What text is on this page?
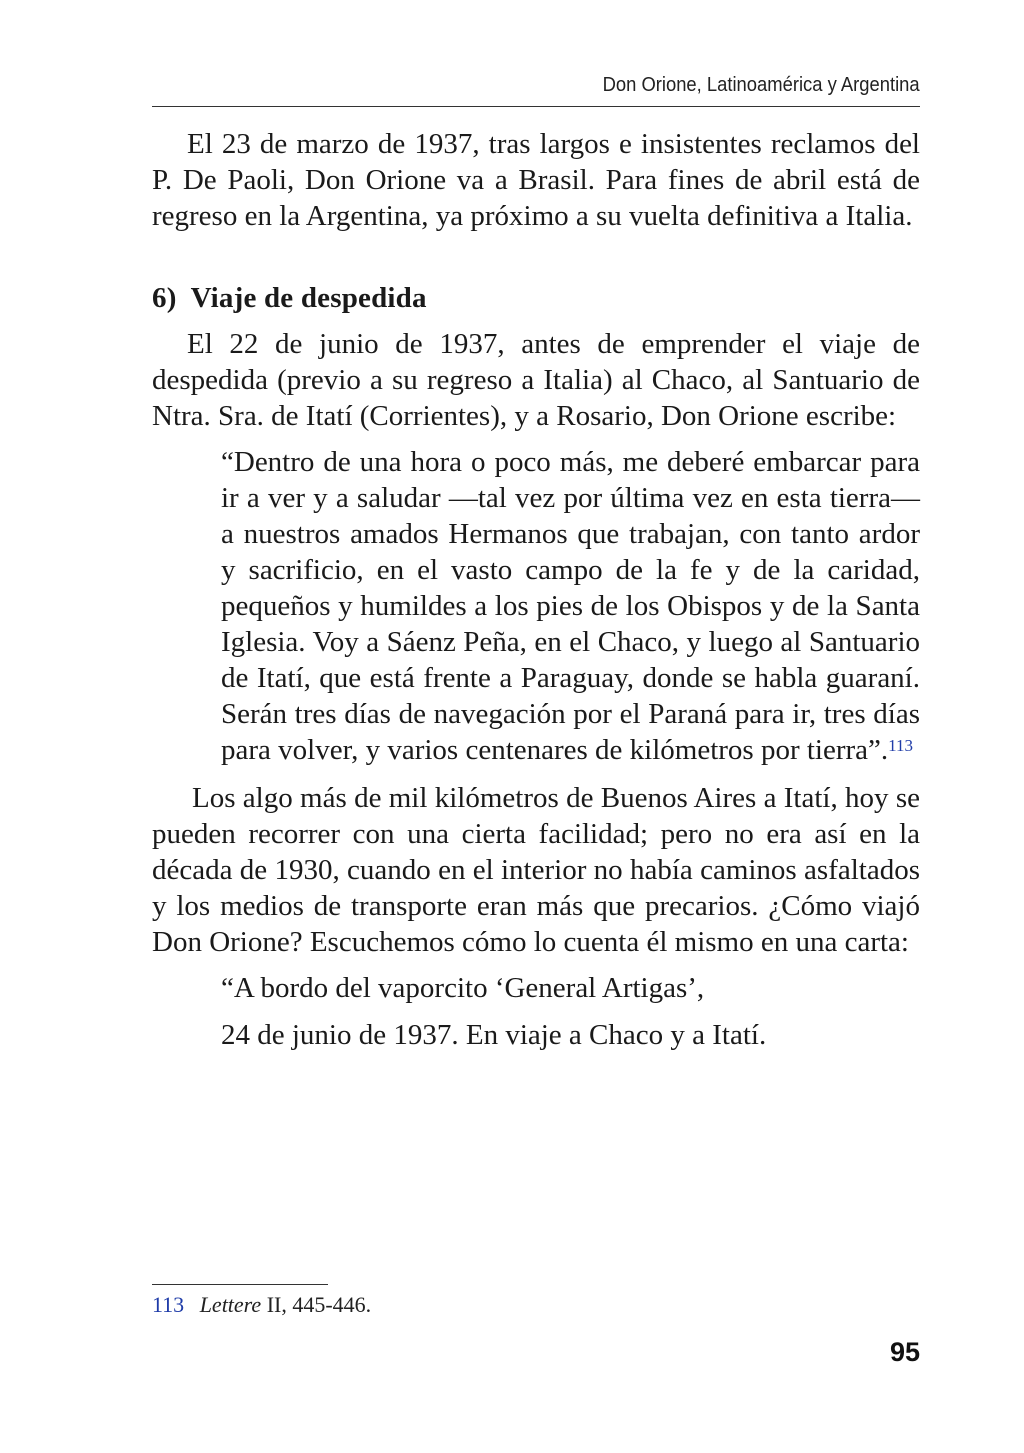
Don Orione, Latinoamérica y Argentina

El 23 de marzo de 1937, tras largos e insistentes reclamos del P. De Paoli, Don Orione va a Brasil. Para fines de abril está de regreso en la Argentina, ya próximo a su vuelta definitiva a Italia.

6) Viaje de despedida

El 22 de junio de 1937, antes de emprender el viaje de despedida (previo a su regreso a Italia) al Chaco, al Santuario de Ntra. Sra. de Itatí (Corrientes), y a Rosario, Don Orione escribe:

“Dentro de una hora o poco más, me deberé embarcar para ir a ver y a saludar —tal vez por última vez en esta tierra— a nuestros amados Hermanos que trabajan, con tanto ardor y sacrificio, en el vasto campo de la fe y de la caridad, pequeños y humildes a los pies de los Obispos y de la Santa Iglesia. Voy a Sáenz Peña, en el Chaco, y luego al Santuario de Itatí, que está frente a Paraguay, donde se habla guaraní. Serán tres días de navegación por el Paraná para ir, tres días para volver, y varios centenares de kilómetros por tierra”.$^{113}$

Los algo más de mil kilómetros de Buenos Aires a Itatí, hoy se pueden recorrer con una cierta facilidad; pero no era así en la década de 1930, cuando en el interior no había caminos asfaltados y los medios de transporte eran más que precarios. ¿Cómo viajó Don Orione? Escuchemos cómo lo cuenta él mismo en una carta:

“A bordo del vaporcito ‘General Artigas’,

24 de junio de 1937. En viaje a Chaco y a Itatí.

113 Lettere II, 445-446.
95
